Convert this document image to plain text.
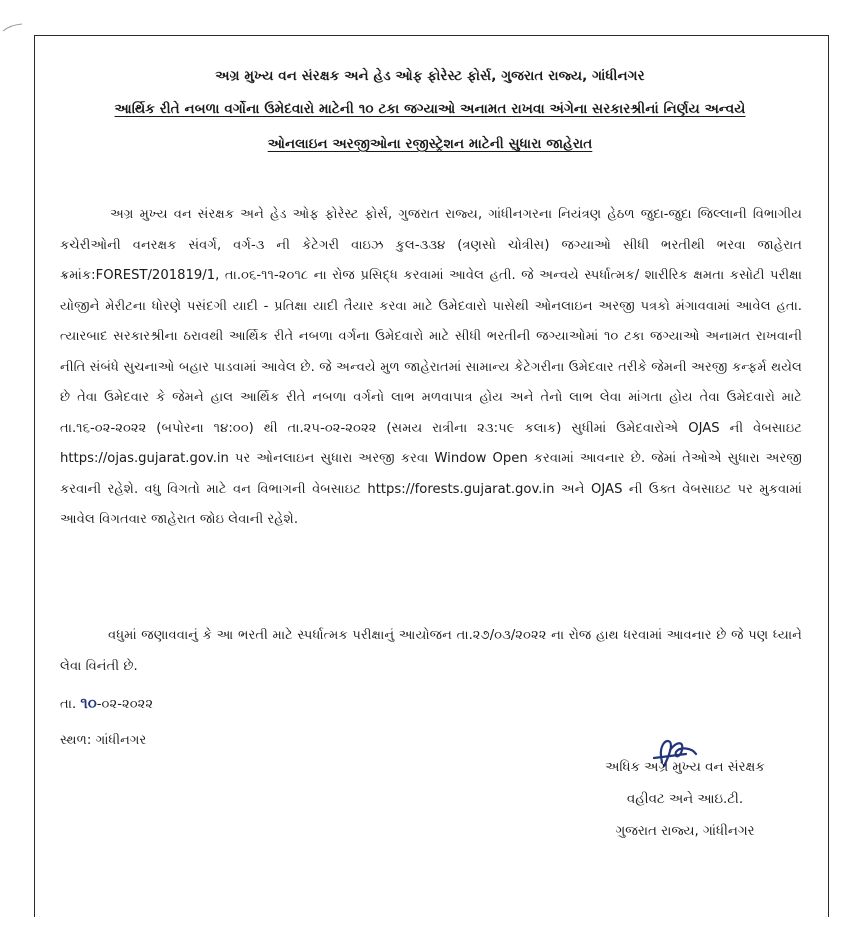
અગ્ર મુખ્ય વન સંરક્ષક અને હેડ ઓફ ફોરેસ્ટ ફોર્સ, ગુજરાત રાજ્ય, ગાંધીનગર
આર્થિક રીતે નબળા વર્ગોના ઉમેદવારો માટેની ૧૦ ટકા જગ્યાઓ અનામત રાખવા અંગેના સરકારશ્રીનાં નિર્ણય અન્વયે
ઓનલાઇન અરજીઓના રજીસ્ટ્રેશન માટેની સુધારા જાહેરાત
અગ્ર મુખ્ય વન સંરક્ષક અને હેડ ઓફ ફોરેસ્ટ ફોર્સ, ગુજરાત રાજ્ય, ગાંધીનગરના નિયંત્રણ હેઠળ જુદા-જુદા જિલ્લાની વિભાગીય કચેરીઓની વનરક્ષક સંવર્ગ, વર્ગ-૩ ની કેટેગરી વાઇઝ કુલ-૩૩૪ (ત્રણસો ચોત્રીસ) જગ્યાઓ સીધી ભરતીથી ભરવા જાહેરાત ક્રમાંક:FOREST/201819/1, તા.૦૬-૧૧-૨૦૧૮ ના રોજ પ્રસિદ્ધ કરવામાં આવેલ હતી. જે અન્વયે સ્પર્ધાત્મક/ શારીરિક ક્ષમતા કસોટી પરીક્ષા યોજીને મેરીટના ધોરણે પસંદગી યાદી - પ્રતિક્ષા યાદી તૈયાર કરવા માટે ઉમેદવારો પાસેથી ઓનલાઇન અરજી પત્રકો મંગાવવામાં આવેલ હતા. ત્યારબાદ સરકારશ્રીના ઠરાવથી આર્થિક રીતે નબળા વર્ગના ઉમેદવારો માટે સીધી ભરતીની જગ્યાઓમાં ૧૦ ટકા જગ્યાઓ અનામત રાખવાની નીતિ સંબંધે સુચનાઓ બહાર પાડવામાં આવેલ છે. જે અન્વયે મુળ જાહેરાતમાં સામાન્ય કેટેગરીના ઉમેદવાર તરીકે જેમની અરજી કન્ફર્મ થયેલ છે તેવા ઉમેદવાર કે જેમને હાલ આર્થિક રીતે નબળા વર્ગનો લાભ મળવાપાત્ર હોય અને તેનો લાભ લેવા માંગતા હોય તેવા ઉમેદવારો માટે તા.૧૬-૦૨-૨૦૨૨ (બપોરના ૧૪:૦૦) થી તા.૨૫-૦૨-૨૦૨૨ (સમય રાત્રીના ૨૩:૫૯ કલાક) સુધીમાં ઉમેદવારોએ OJAS ની વેબસાઇટ https://ojas.gujarat.gov.in પર ઓનલાઇન સુધારા અરજી કરવા Window Open કરવામાં આવનાર છે. જેમાં તેઓએ સુધારા અરજી કરવાની રહેશે. વધુ વિગતો માટે વન વિભાગની વેબસાઇટ https://forests.gujarat.gov.in અને OJAS ની ઉક્ત વેબસાઇટ પર મુકવામાં આવેલ વિગતવાર જાહેરાત જોઇ લેવાની રહેશે.
વધુમાં જણાવવાનું કે આ ભરતી માટે સ્પર્ધાત્મક પરીક્ષાનું આયોજન તા.૨૭/૦૩/૨૦૨૨ ના રોજ હાથ ધરવામાં આવનાર છે જે પણ ધ્યાને લેવા વિનંતી છે.
તા. ૧૦-૦૨-૨૦૨૨
સ્થળ: ગાંધીનગર
અધિક અગ્ર મુખ્ય વન સંરક્ષક
વહીવટ અને આઇ.ટી.
ગુજરાત રાજ્ય, ગાંધીનગર
